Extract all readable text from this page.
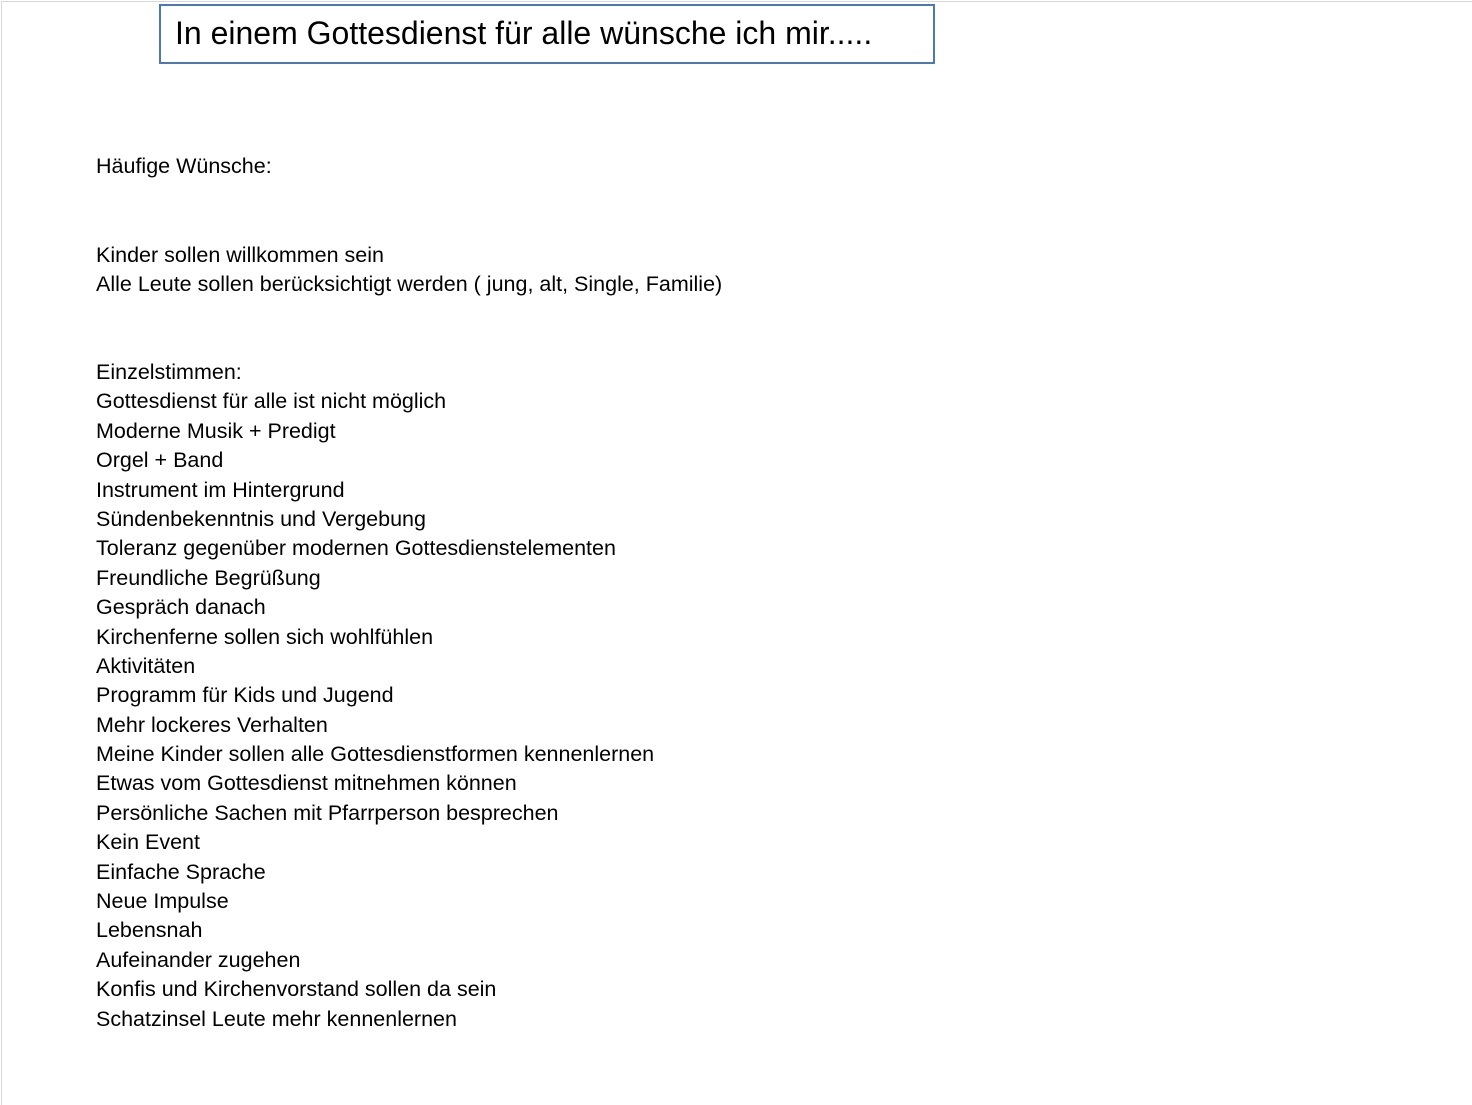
In einem Gottesdienst für alle wünsche ich mir.....
Häufige Wünsche:
Kinder sollen willkommen sein
Alle Leute sollen berücksichtigt werden ( jung, alt, Single, Familie)
Einzelstimmen:
Gottesdienst für alle ist nicht möglich
Moderne Musik + Predigt
Orgel + Band
Instrument im Hintergrund
Sündenbekenntnis und Vergebung
Toleranz gegenüber modernen Gottesdienstelementen
Freundliche Begrüßung
Gespräch danach
Kirchenferne sollen sich wohlfühlen
Aktivitäten
Programm für Kids und Jugend
Mehr lockeres Verhalten
Meine Kinder sollen alle Gottesdienstformen kennenlernen
Etwas vom Gottesdienst mitnehmen können
Persönliche Sachen mit Pfarrperson besprechen
Kein Event
Einfache Sprache
Neue Impulse
Lebensnah
Aufeinander zugehen
Konfis und Kirchenvorstand sollen da sein
Schatzinsel Leute mehr kennenlernen
